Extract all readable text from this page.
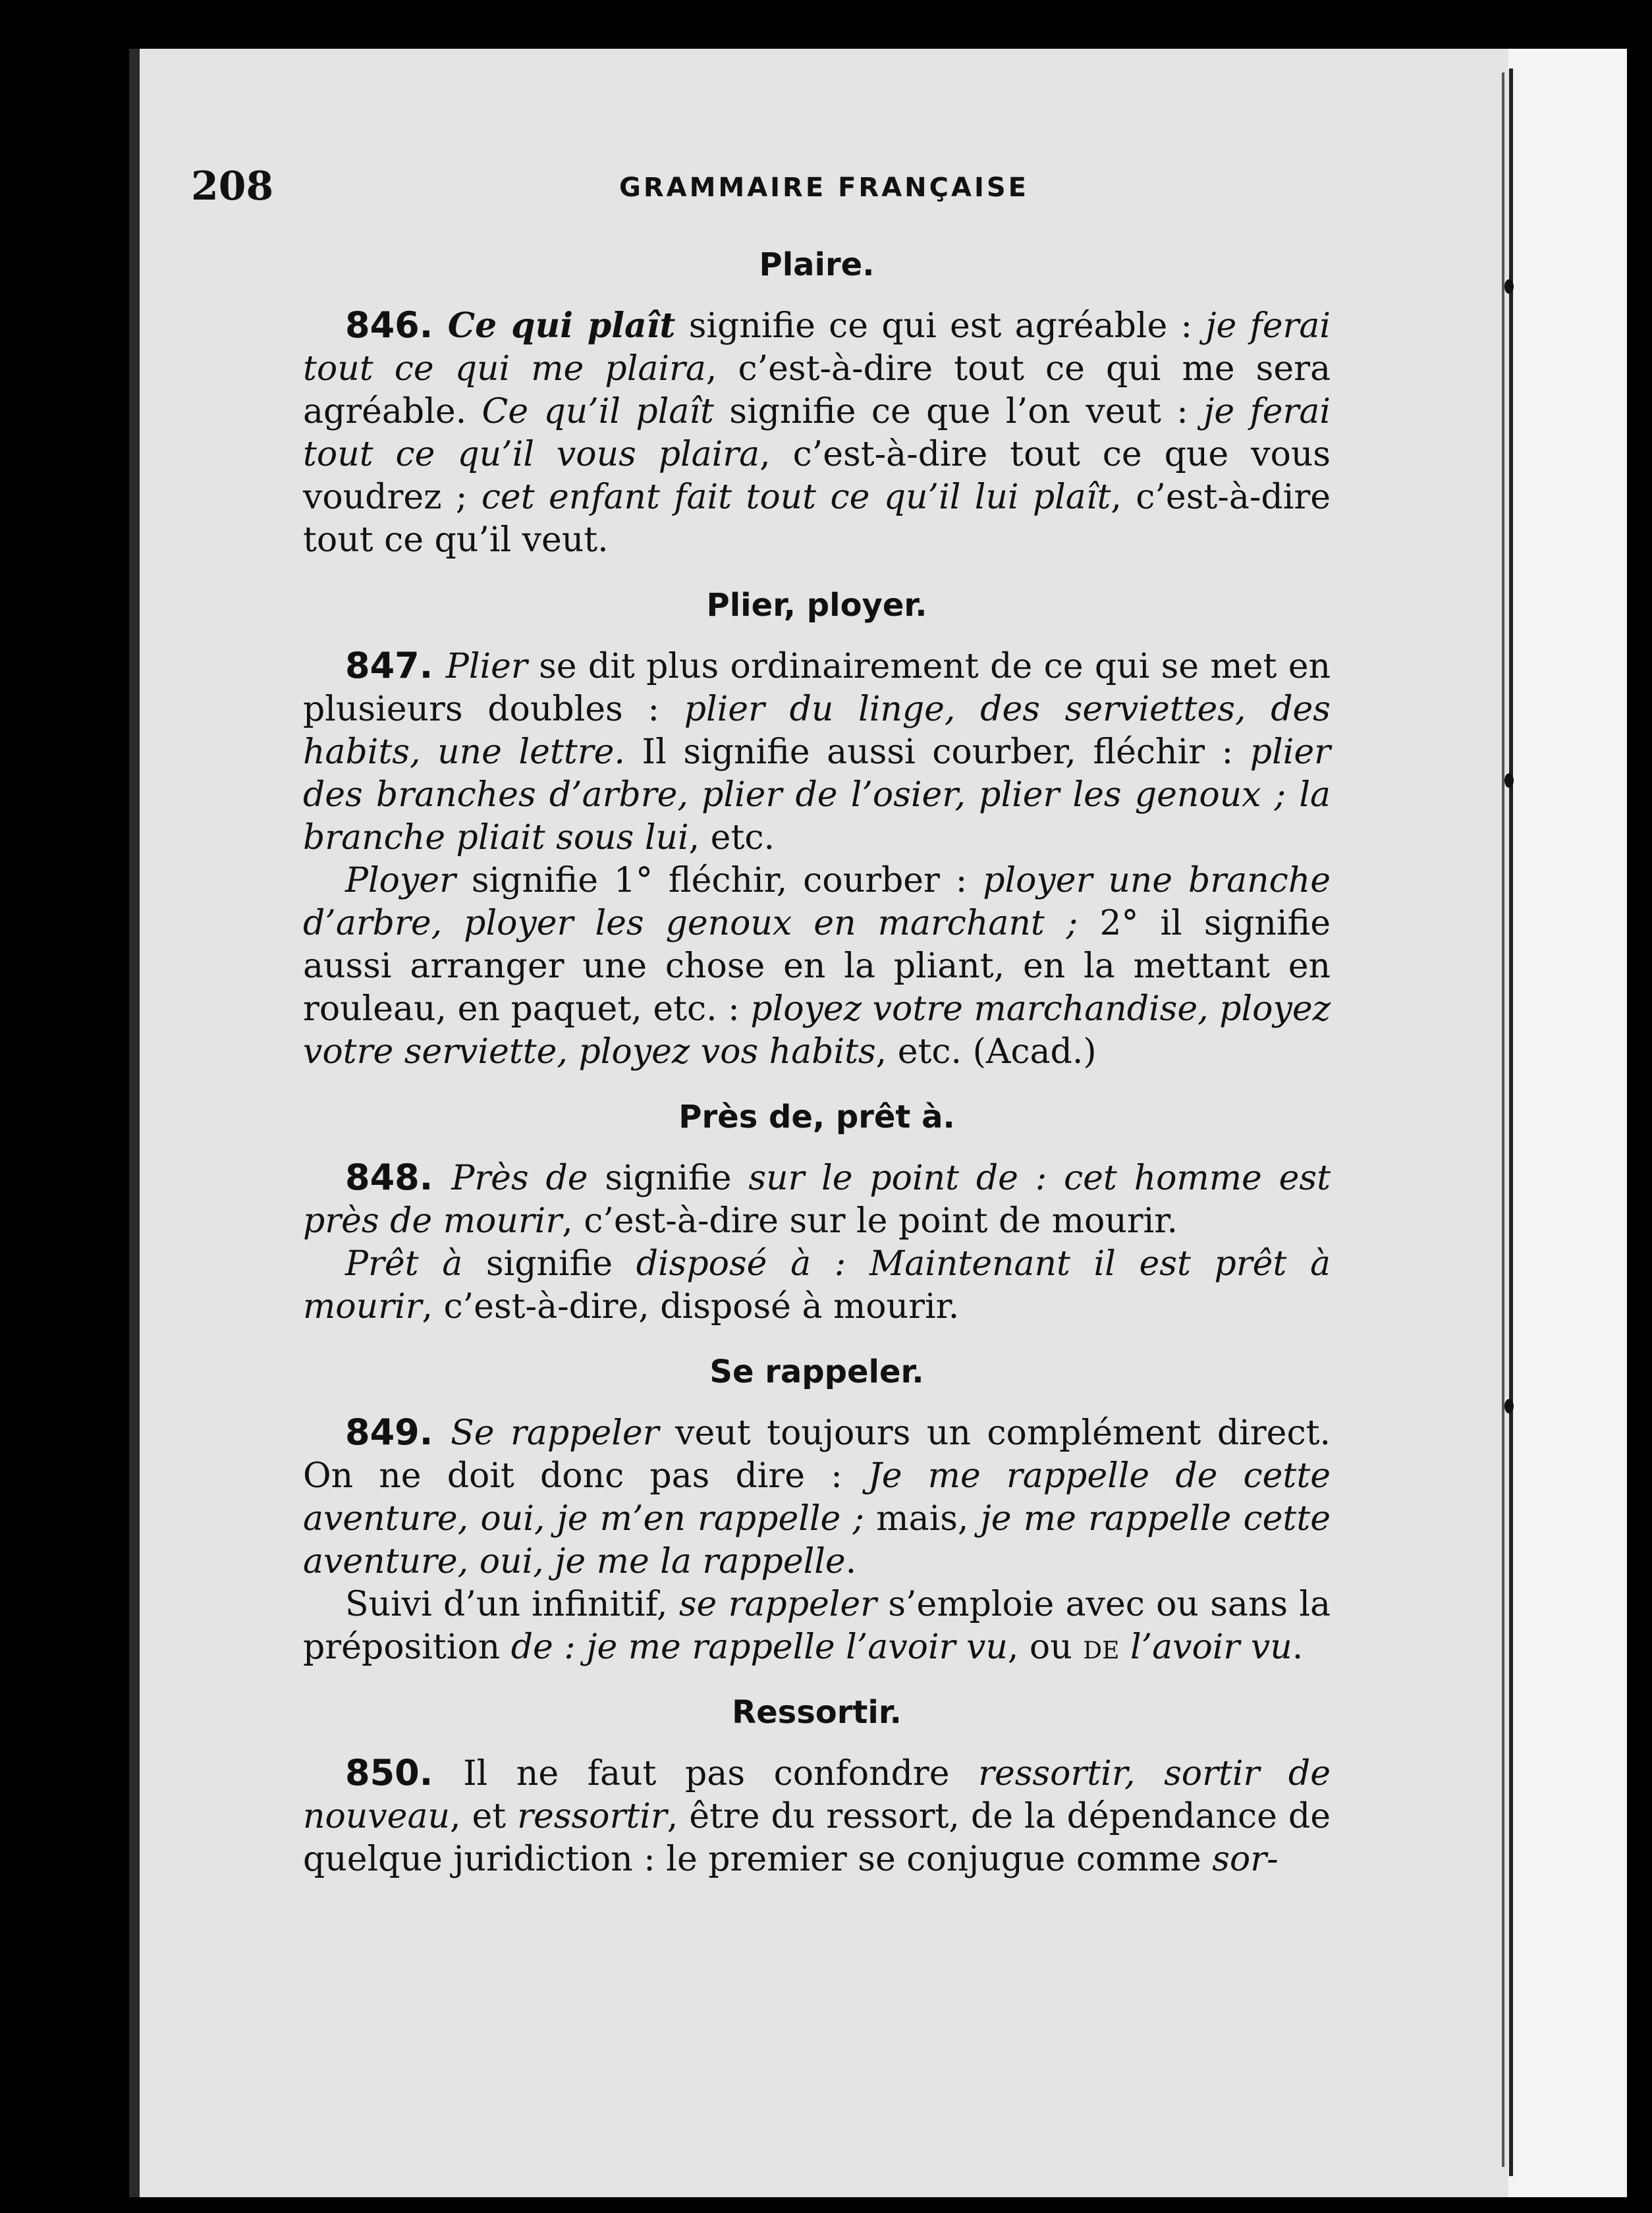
208	GRAMMAIRE FRANÇAISE
Plaire.

846. Ce qui plaît signifie ce qui est agréable : je ferai tout ce qui me plaira, c’est-à-dire tout ce qui me sera agréable. Ce qu’il plaît signifie ce que l’on veut : je ferai tout ce qu’il vous plaira, c’est-à-dire tout ce que vous voudrez ; cet enfant fait tout ce qu’il lui plaît, c’est-à-dire tout ce qu’il veut.

Plier, ployer.

847. Plier se dit plus ordinairement de ce qui se met en plusieurs doubles : plier du linge, des serviettes, des habits, une lettre. Il signifie aussi courber, fléchir : plier des branches d’arbre, plier de l’osier, plier les genoux ; la branche pliait sous lui, etc.

Ployer signifie 1° fléchir, courber : ployer une branche d’arbre, ployer les genoux en marchant ; 2° il signifie aussi arranger une chose en la pliant, en la mettant en rouleau, en paquet, etc. : ployez votre marchandise, ployez votre serviette, ployez vos habits, etc. (Acad.)

Près de, prêt à.

848. Près de signifie sur le point de : cet homme est près de mourir, c’est-à-dire sur le point de mourir.

Prêt à signifie disposé à : Maintenant il est prêt à mourir, c’est-à-dire, disposé à mourir.

Se rappeler.

849. Se rappeler veut toujours un complément direct. On ne doit donc pas dire : Je me rappelle de cette aventure, oui, je m’en rappelle ; mais, je me rappelle cette aventure, oui, je me la rappelle.

Suivi d’un infinitif, se rappeler s’emploie avec ou sans la préposition de : je me rappelle l’avoir vu, ou de l’avoir vu.

Ressortir.

850. Il ne faut pas confondre ressortir, sortir de nouveau, et ressortir, être du ressort, de la dépendance de quelque juridiction : le premier se conjugue comme sor-
